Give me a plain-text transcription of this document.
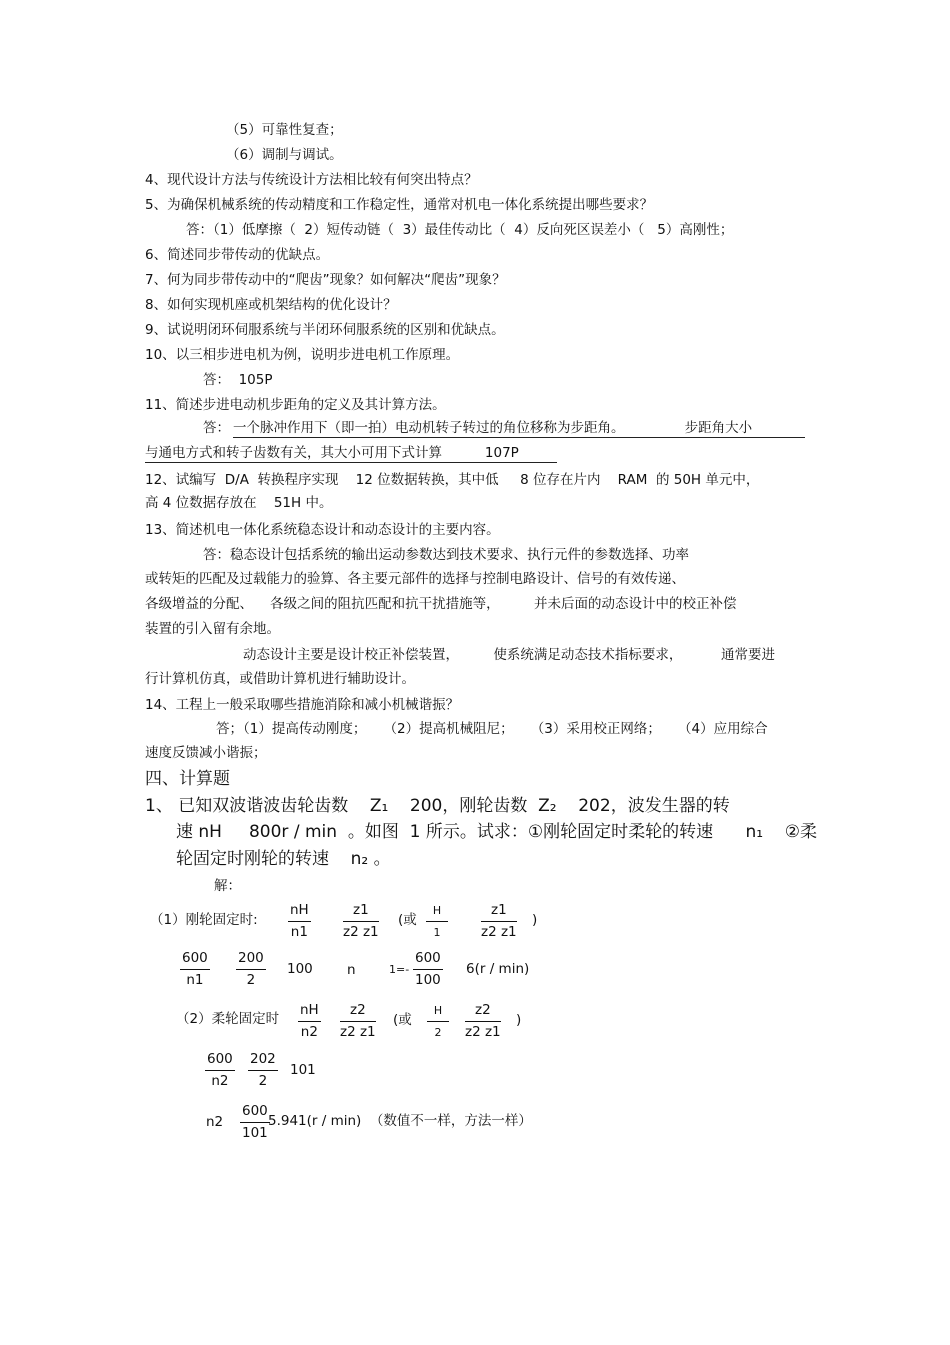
（5）可靠性复查；
（6）调制与调试。
4、现代设计方法与传统设计方法相比较有何突出特点？
5、为确保机械系统的传动精度和工作稳定性，通常对机电一体化系统提出哪些要求？
答：（1）低摩擦（  2）短传动链（  3）最佳传动比（  4）反向死区误差小（   5）高刚性；
6、简述同步带传动的优缺点。
7、何为同步带传动中的“爬齿”现象？如何解决“爬齿”现象？
8、如何实现机座或机架结构的优化设计？
9、试说明闭环伺服系统与半闭环伺服系统的区别和优缺点。
10、以三相步进电机为例，说明步进电机工作原理。
答：  105P
11、简述步进电动机步距角的定义及其计算方法。
答： 一个脉冲作用下（即一拍）电动机转子转过的角位移称为步距角。              步距角大小
与通电方式和转子齿数有关，其大小可用下式计算          107P
12、试编写  D/A  转换程序实现    12 位数据转换，其中低     8 位存在片内    RAM  的 50H 单元中，
高 4 位数据存放在    51H 中。
13、简述机电一体化系统稳态设计和动态设计的主要内容。
答：稳态设计包括系统的输出运动参数达到技术要求、执行元件的参数选择、功率
或转矩的匹配及过载能力的验算、各主要元部件的选择与控制电路设计、信号的有效传递、
各级增益的分配、    各级之间的阻抗匹配和抗干扰措施等，        并未后面的动态设计中的校正补偿
装置的引入留有余地。
动态设计主要是设计校正补偿装置，        使系统满足动态技术指标要求，         通常要进
行计算机仿真，或借助计算机进行辅助设计。
14、工程上一般采取哪些措施消除和减小机械谐振？
答；（1）提高传动刚度；    （2）提高机械阻尼；    （3）采用校正网络；    （4）应用综合
速度反馈减小谐振；
四、计算题
1、 已知双波谐波齿轮齿数    Z₁    200，刚轮齿数  Z₂    202，波发生器的转
速 nH     800r / min  。如图  1 所示。试求：①刚轮固定时柔轮的转速      n₁    ②柔
轮固定时刚轮的转速    n₂ 。
解：
（1）刚轮固定时: $\frac{nH}{n1} \frac{z1}{z2 z1}$ (或 $\frac{H}{1} \frac{z1}{z2 z1}$ )
$\frac{600}{n1} \frac{200}{2} 100$	n	$1=- \frac{600}{100} 6(r / \min)$
（2）柔轮固定时 $\frac{nH}{n2} \frac{z2}{z2 z1}$ (或 $\frac{H}{2} \frac{z2}{z2 z1}$ )
$\frac{600}{n2} \frac{202}{2} 101$
$n2 \frac{600}{101}$
5.941(r / min)  （数值不一样，方法一样）
